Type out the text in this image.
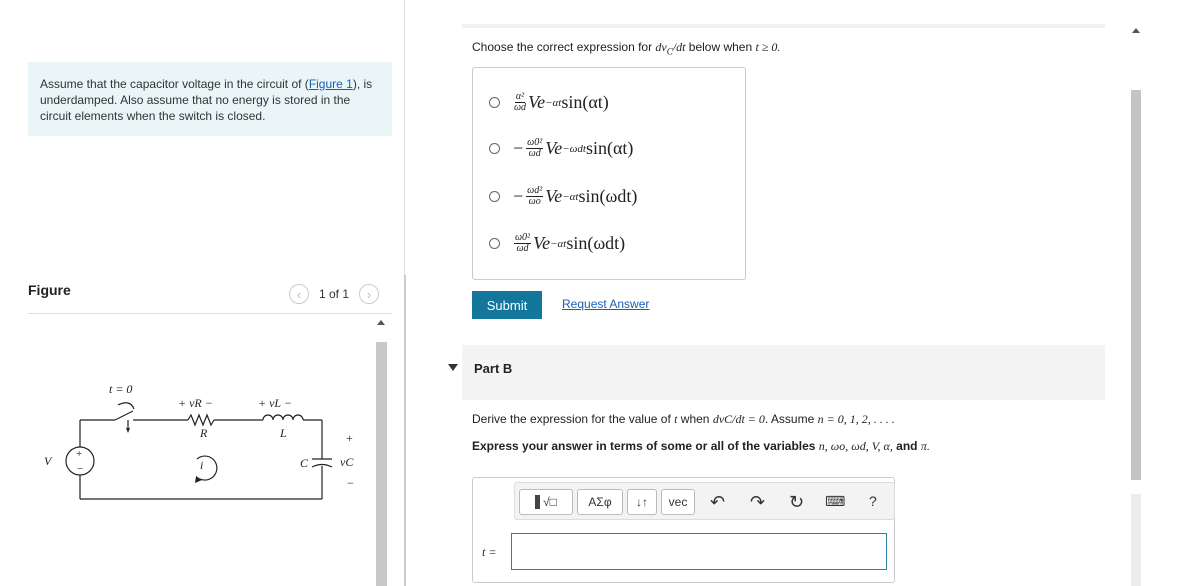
Assume that the capacitor voltage in the circuit of (Figure 1), is underdamped. Also assume that no energy is stored in the circuit elements when the switch is closed.
Figure	‹	1 of 1	›
t = 0
+ vR −	+ vL −
R	L
V	C	vC
i
+
−
+
−
Choose the correct expression for $dv_C/dt$ below when t ≥ 0.
$\frac{\text{α²}}{\omega d}$ Ve −αt sin(αt)
− $\frac{\text{ω0²}}{\omega d}$ Ve −ωdt sin(αt)
− $\frac{\text{ωd²}}{\omega o}$ Ve −αt sin(ωdt)
$\frac{\text{ω0²}}{\omega d}$ Ve −αt sin(ωdt)
Submit	Request Answer
Part B
Derive the expression for the value of t when dvC/dt = 0. Assume n = 0, 1, 2, . . . .
Express your answer in terms of some or all of the variables n, ωo, ωd, V, α, and π.
√□	ΑΣφ	↓↑	vec	↶ ↷ ↻ ⌨ ?
t =
